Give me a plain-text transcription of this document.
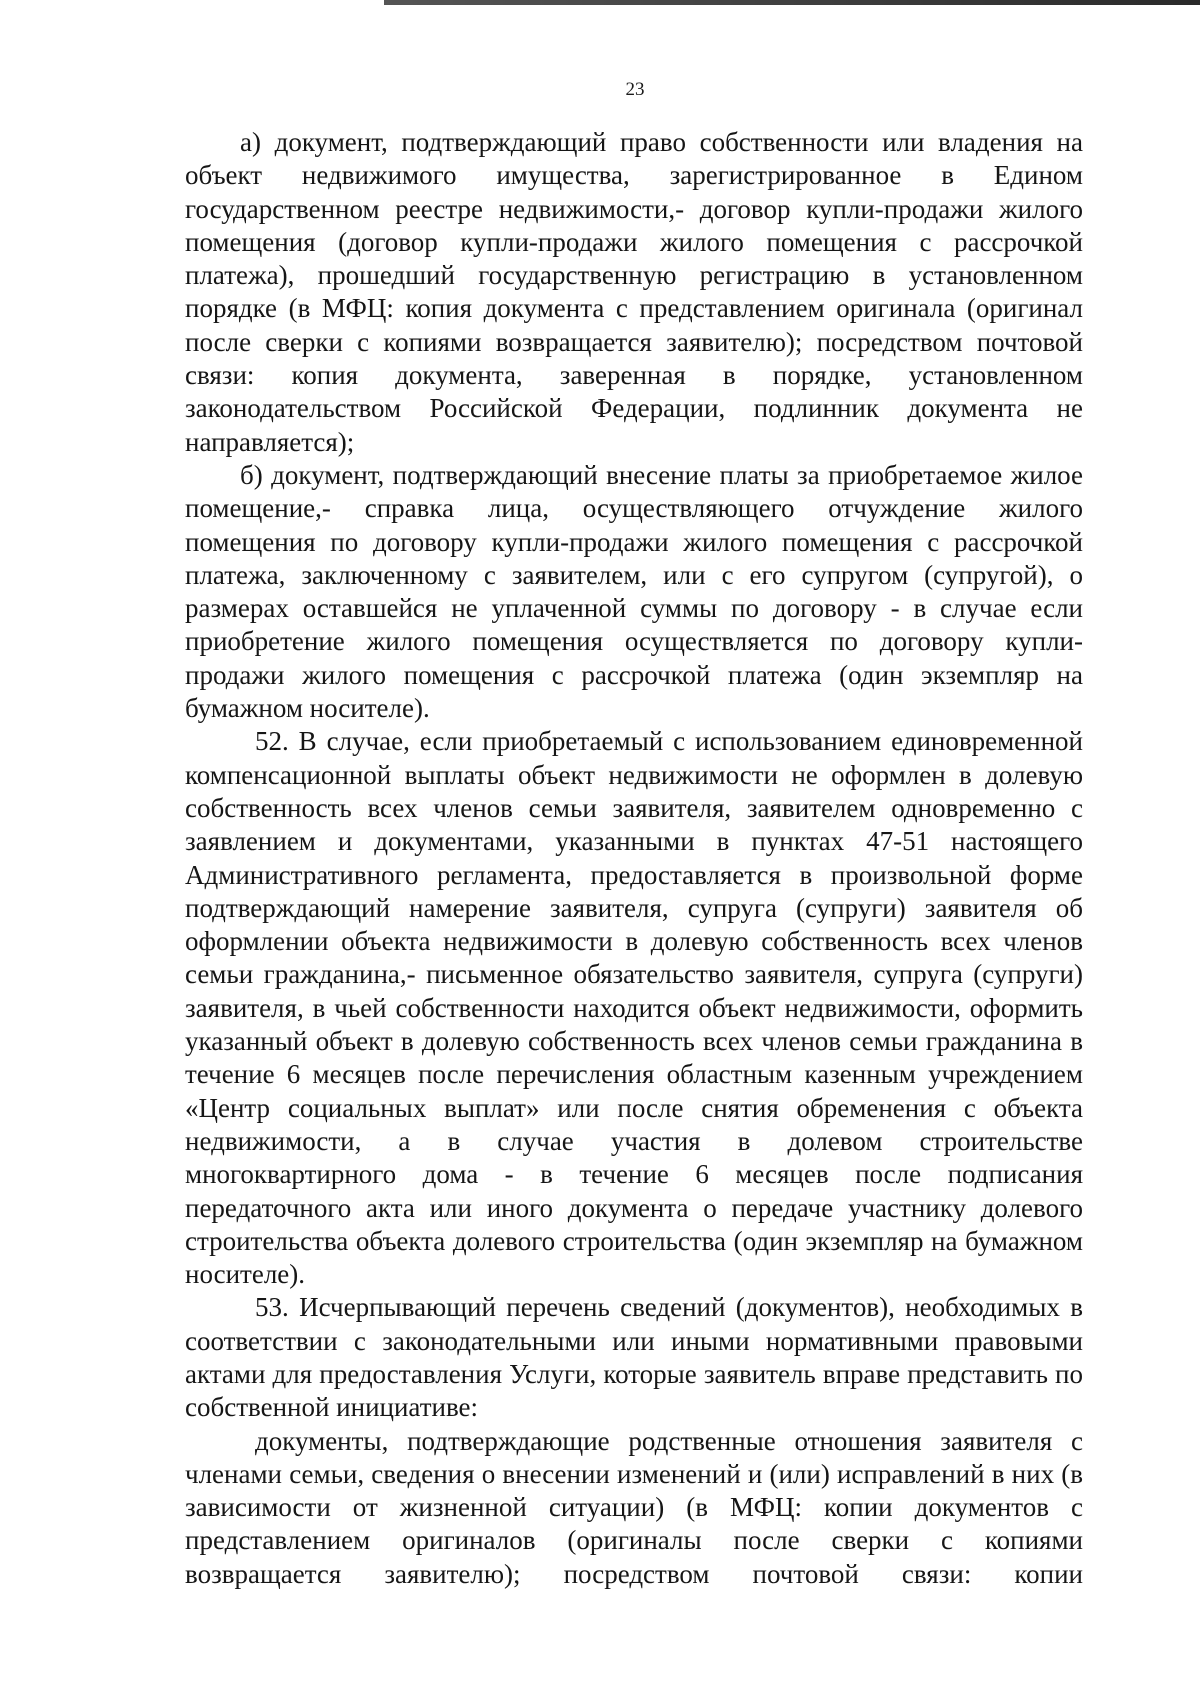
23

а) документ, подтверждающий право собственности или владения на объект недвижимого имущества, зарегистрированное в Едином государственном реестре недвижимости,- договор купли-продажи жилого помещения (договор купли-продажи жилого помещения с рассрочкой платежа), прошедший государственную регистрацию в установленном порядке (в МФЦ: копия документа с представлением оригинала (оригинал после сверки с копиями возвращается заявителю); посредством почтовой связи: копия документа, заверенная в порядке, установленном законодательством Российской Федерации, подлинник документа не направляется);

б) документ, подтверждающий внесение платы за приобретаемое жилое помещение,- справка лица, осуществляющего отчуждение жилого помещения по договору купли-продажи жилого помещения с рассрочкой платежа, заключенному с заявителем, или с его супругом (супругой), о размерах оставшейся не уплаченной суммы по договору - в случае если приобретение жилого помещения осуществляется по договору купли-продажи жилого помещения с рассрочкой платежа (один экземпляр на бумажном носителе).

52. В случае, если приобретаемый с использованием единовременной компенсационной выплаты объект недвижимости не оформлен в долевую собственность всех членов семьи заявителя, заявителем одновременно с заявлением и документами, указанными в пунктах 47-51 настоящего Административного регламента, предоставляется в произвольной форме подтверждающий намерение заявителя, супруга (супруги) заявителя об оформлении объекта недвижимости в долевую собственность всех членов семьи гражданина,- письменное обязательство заявителя, супруга (супруги) заявителя, в чьей собственности находится объект недвижимости, оформить указанный объект в долевую собственность всех членов семьи гражданина в течение 6 месяцев после перечисления областным казенным учреждением «Центр социальных выплат» или после снятия обременения с объекта недвижимости, а в случае участия в долевом строительстве многоквартирного дома - в течение 6 месяцев после подписания передаточного акта или иного документа о передаче участнику долевого строительства объекта долевого строительства (один экземпляр на бумажном носителе).

53. Исчерпывающий перечень сведений (документов), необходимых в соответствии с законодательными или иными нормативными правовыми актами для предоставления Услуги, которые заявитель вправе представить по собственной инициативе:

документы, подтверждающие родственные отношения заявителя с членами семьи, сведения о внесении изменений и (или) исправлений в них (в зависимости от жизненной ситуации) (в МФЦ: копии документов с представлением оригиналов (оригиналы после сверки с копиями возвращается заявителю); посредством почтовой связи: копии
